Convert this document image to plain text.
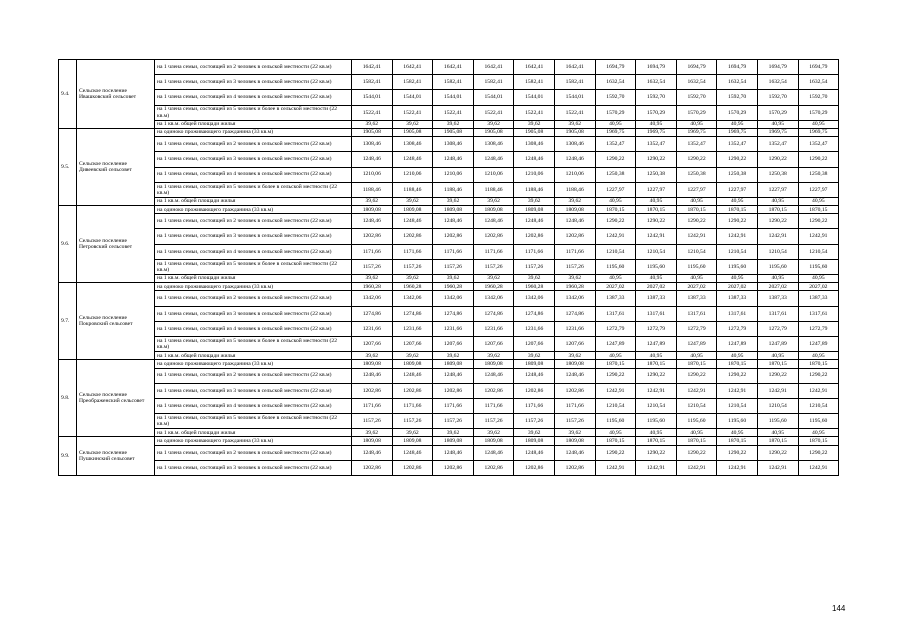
9.4.	Сельское поселение Ивашковский сельсовет	на 1 члена семьи, состоящей из 2 человек в сельской местности (22 кв.м)	1642,41	1642,41	1642,41	1642,41	1642,41	1642,41	1694,79	1694,79	1694,79	1694,79	1694,79	1694,79
		на 1 члена семьи, состоящей из 3 человек в сельской местности (22 кв.м)	1582,41	1582,41	1582,41	1582,41	1582,41	1582,41	1632,54	1632,54	1632,54	1632,54	1632,54	1632,54
		на 1 члена семьи, состоящей из 4 человек в сельской местности (22 кв.м)	1544,01	1544,01	1544,01	1544,01	1544,01	1544,01	1592,70	1592,70	1592,70	1592,70	1592,70	1592,70
		на 1 члена семьи, состоящей из 5 человек и более в сельской местности (22 кв.м)	1522,41	1522,41	1522,41	1522,41	1522,41	1522,41	1570,29	1570,29	1570,29	1570,29	1570,29	1570,29
		на 1 кв.м. общей площади жилья	39,62	39,62	39,62	39,62	39,62	39,62	40,95	40,95	40,95	40,95	40,95	40,95
9.5.	Сельское поселение Дивеевский сельсовет	на одиноко проживающего гражданина (33 кв.м)	1905,08	1905,08	1905,08	1905,08	1905,08	1905,08	1969,75	1969,75	1969,75	1969,75	1969,75	1969,75
		на 1 члена семьи, состоящей из 2 человек в сельской местности (22 кв.м)	1308,46	1308,46	1308,46	1308,46	1308,46	1308,46	1352,47	1352,47	1352,47	1352,47	1352,47	1352,47
		на 1 члена семьи, состоящей из 3 человек в сельской местности (22 кв.м)	1248,46	1248,46	1248,46	1248,46	1248,46	1248,46	1290,22	1290,22	1290,22	1290,22	1290,22	1290,22
		на 1 члена семьи, состоящей из 4 человек в сельской местности (22 кв.м)	1210,06	1210,06	1210,06	1210,06	1210,06	1210,06	1250,38	1250,38	1250,38	1250,38	1250,38	1250,38
		на 1 члена семьи, состоящей из 5 человек и более в сельской местности (22 кв.м)	1188,46	1188,46	1188,46	1188,46	1188,46	1188,46	1227,97	1227,97	1227,97	1227,97	1227,97	1227,97
		на 1 кв.м. общей площади жилья	39,62	39,62	39,62	39,62	39,62	39,62	40,95	40,95	40,95	40,95	40,95	40,95
9.6.	Сельское поселение Петровский сельсовет	на одиноко проживающего гражданина (33 кв.м)	1809,08	1809,08	1809,08	1809,08	1809,08	1809,08	1870,15	1870,15	1870,15	1870,15	1870,15	1870,15
		на 1 члена семьи, состоящей из 2 человек в сельской местности (22 кв.м)	1248,46	1248,46	1248,46	1248,46	1248,46	1248,46	1290,22	1290,22	1290,22	1290,22	1290,22	1290,22
		на 1 члена семьи, состоящей из 3 человек в сельской местности (22 кв.м)	1202,86	1202,86	1202,86	1202,86	1202,86	1202,86	1242,91	1242,91	1242,91	1242,91	1242,91	1242,91
		на 1 члена семьи, состоящей из 4 человек в сельской местности (22 кв.м)	1171,66	1171,66	1171,66	1171,66	1171,66	1171,66	1210,54	1210,54	1210,54	1210,54	1210,54	1210,54
		на 1 члена семьи, состоящей из 5 человек и более в сельской местности (22 кв.м)	1157,26	1157,26	1157,26	1157,26	1157,26	1157,26	1195,60	1195,60	1195,60	1195,60	1195,60	1195,60
		на 1 кв.м. общей площади жилья	39,62	39,62	39,62	39,62	39,62	39,62	40,95	40,95	40,95	40,95	40,95	40,95
9.7.	Сельское поселение Покровский сельсовет	на одиноко проживающего гражданина (33 кв.м)	1960,28	1960,28	1960,28	1960,28	1960,28	1960,28	2027,02	2027,02	2027,02	2027,02	2027,02	2027,02
		на 1 члена семьи, состоящей из 2 человек в сельской местности (22 кв.м)	1342,06	1342,06	1342,06	1342,06	1342,06	1342,06	1387,33	1387,33	1387,33	1387,33	1387,33	1387,33
		на 1 члена семьи, состоящей из 3 человек в сельской местности (22 кв.м)	1274,86	1274,86	1274,86	1274,86	1274,86	1274,86	1317,61	1317,61	1317,61	1317,61	1317,61	1317,61
		на 1 члена семьи, состоящей из 4 человек в сельской местности (22 кв.м)	1231,66	1231,66	1231,66	1231,66	1231,66	1231,66	1272,79	1272,79	1272,79	1272,79	1272,79	1272,79
		на 1 члена семьи, состоящей из 5 человек и более в сельской местности (22 кв.м)	1207,66	1207,66	1207,66	1207,66	1207,66	1207,66	1247,89	1247,89	1247,89	1247,89	1247,89	1247,89
		на 1 кв.м. общей площади жилья	39,62	39,62	39,62	39,62	39,62	39,62	40,95	40,95	40,95	40,95	40,95	40,95
9.8.	Сельское поселение Преображенский сельсовет	на одиноко проживающего гражданина (33 кв.м)	1809,08	1809,08	1809,08	1809,08	1809,08	1809,08	1870,15	1870,15	1870,15	1870,15	1870,15	1870,15
		на 1 члена семьи, состоящей из 2 человек в сельской местности (22 кв.м)	1248,46	1248,46	1248,46	1248,46	1248,46	1248,46	1290,22	1290,22	1290,22	1290,22	1290,22	1290,22
		на 1 члена семьи, состоящей из 3 человек в сельской местности (22 кв.м)	1202,86	1202,86	1202,86	1202,86	1202,86	1202,86	1242,91	1242,91	1242,91	1242,91	1242,91	1242,91
		на 1 члена семьи, состоящей из 4 человек в сельской местности (22 кв.м)	1171,66	1171,66	1171,66	1171,66	1171,66	1171,66	1210,54	1210,54	1210,54	1210,54	1210,54	1210,54
		на 1 члена семьи, состоящей из 5 человек и более в сельской местности (22 кв.м)	1157,26	1157,26	1157,26	1157,26	1157,26	1157,26	1195,60	1195,60	1195,60	1195,60	1195,60	1195,60
		на 1 кв.м. общей площади жилья	39,62	39,62	39,62	39,62	39,62	39,62	40,95	40,95	40,95	40,95	40,95	40,95
9.9.	Сельское поселение Пушкинский сельсовет	на одиноко проживающего гражданина (33 кв.м)	1809,08	1809,08	1809,08	1809,08	1809,08	1809,08	1870,15	1870,15	1870,15	1870,15	1870,15	1870,15
		на 1 члена семьи, состоящей из 2 человек в сельской местности (22 кв.м)	1248,46	1248,46	1248,46	1248,46	1248,46	1248,46	1290,22	1290,22	1290,22	1290,22	1290,22	1290,22
		на 1 члена семьи, состоящей из 3 человек в сельской местности (22 кв.м)	1202,86	1202,86	1202,86	1202,86	1202,86	1202,86	1242,91	1242,91	1242,91	1242,91	1242,91	1242,91
144
